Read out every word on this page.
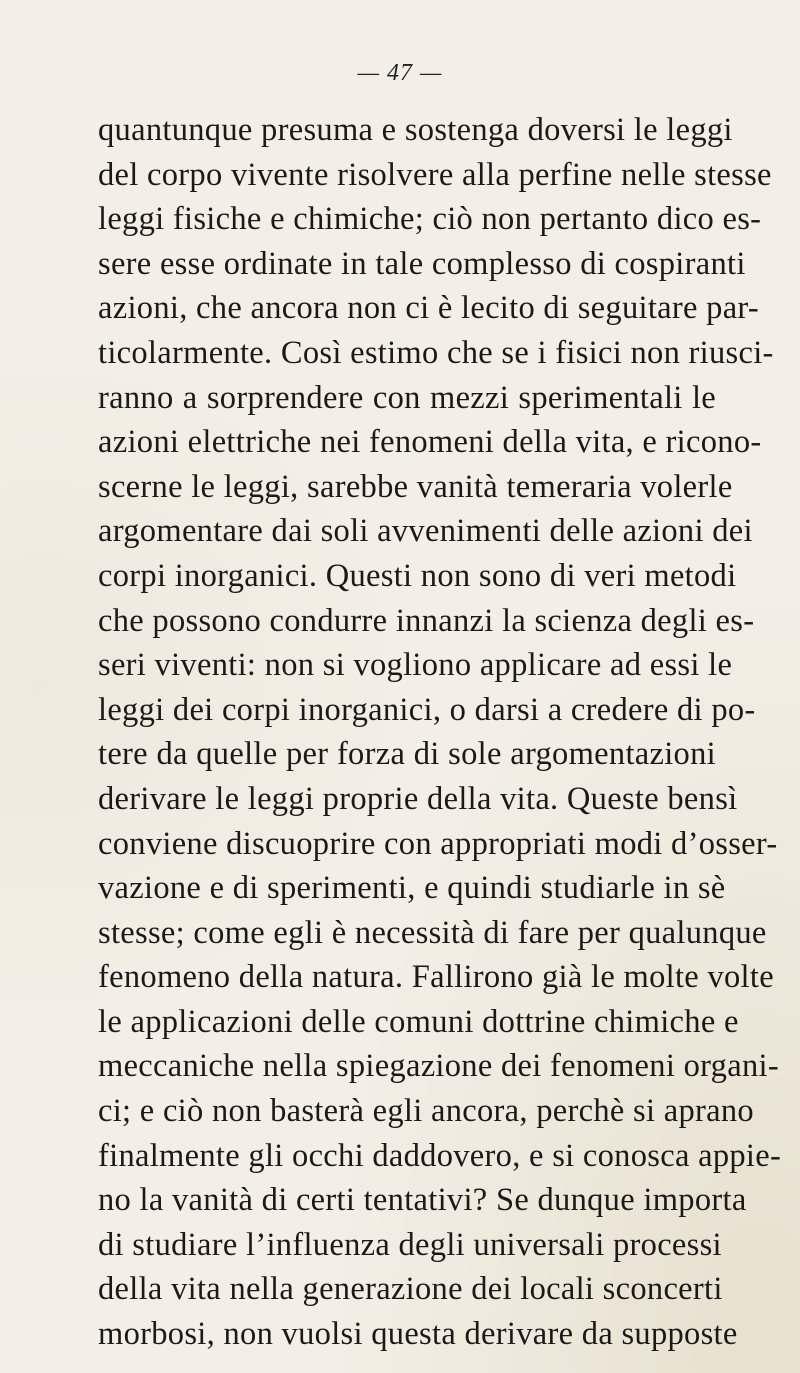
— 47 —
quantunque presuma e sostenga doversi le leggi
del corpo vivente risolvere alla perfine nelle stesse
leggi fisiche e chimiche; ciò non pertanto dico es-
sere esse ordinate in tale complesso di cospiranti
azioni, che ancora non ci è lecito di seguitare par-
ticolarmente. Così estimo che se i fisici non riusci-
ranno a sorprendere con mezzi sperimentali le
azioni elettriche nei fenomeni della vita, e ricono-
scerne le leggi, sarebbe vanità temeraria volerle
argomentare dai soli avvenimenti delle azioni dei
corpi inorganici. Questi non sono di veri metodi
che possono condurre innanzi la scienza degli es-
seri viventi: non si vogliono applicare ad essi le
leggi dei corpi inorganici, o darsi a credere di po-
tere da quelle per forza di sole argomentazioni
derivare le leggi proprie della vita. Queste bensì
conviene discuoprire con appropriati modi d’osser-
vazione e di sperimenti, e quindi studiarle in sè
stesse; come egli è necessità di fare per qualunque
fenomeno della natura. Fallirono già le molte volte
le applicazioni delle comuni dottrine chimiche e
meccaniche nella spiegazione dei fenomeni organi-
ci; e ciò non basterà egli ancora, perchè si aprano
finalmente gli occhi daddovero, e si conosca appie-
no la vanità di certi tentativi? Se dunque importa
di studiare l’influenza degli universali processi
della vita nella generazione dei locali sconcerti
morbosi, non vuolsi questa derivare da supposte
